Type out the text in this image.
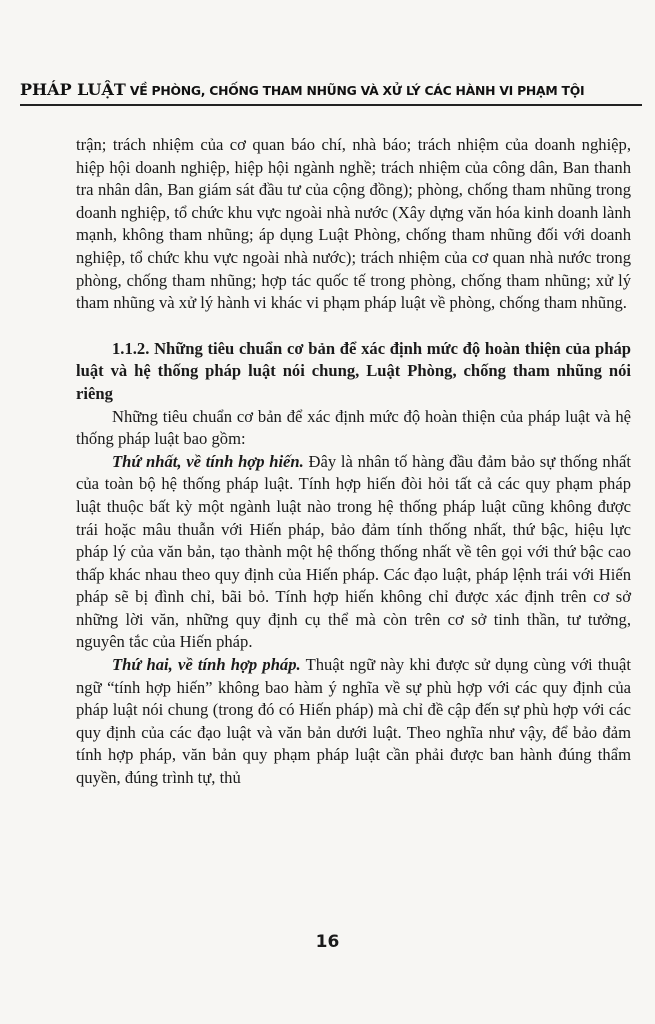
PHÁP LUẬT VỀ PHÒNG, CHỐNG THAM NHŨNG VÀ XỬ LÝ CÁC HÀNH VI PHẠM TỘI

trận; trách nhiệm của cơ quan báo chí, nhà báo; trách nhiệm của doanh nghiệp, hiệp hội doanh nghiệp, hiệp hội ngành nghề; trách nhiệm của công dân, Ban thanh tra nhân dân, Ban giám sát đầu tư của cộng đồng); phòng, chống tham nhũng trong doanh nghiệp, tổ chức khu vực ngoài nhà nước (Xây dựng văn hóa kinh doanh lành mạnh, không tham nhũng; áp dụng Luật Phòng, chống tham nhũng đối với doanh nghiệp, tổ chức khu vực ngoài nhà nước); trách nhiệm của cơ quan nhà nước trong phòng, chống tham nhũng; hợp tác quốc tế trong phòng, chống tham nhũng; xử lý tham nhũng và xử lý hành vi khác vi phạm pháp luật về phòng, chống tham nhũng.

1.1.2. Những tiêu chuẩn cơ bản để xác định mức độ hoàn thiện của pháp luật và hệ thống pháp luật nói chung, Luật Phòng, chống tham nhũng nói riêng

Những tiêu chuẩn cơ bản để xác định mức độ hoàn thiện của pháp luật và hệ thống pháp luật bao gồm:

Thứ nhất, về tính hợp hiến. Đây là nhân tố hàng đầu đảm bảo sự thống nhất của toàn bộ hệ thống pháp luật. Tính hợp hiến đòi hỏi tất cả các quy phạm pháp luật thuộc bất kỳ một ngành luật nào trong hệ thống pháp luật cũng không được trái hoặc mâu thuẫn với Hiến pháp, bảo đảm tính thống nhất, thứ bậc, hiệu lực pháp lý của văn bản, tạo thành một hệ thống thống nhất về tên gọi với thứ bậc cao thấp khác nhau theo quy định của Hiến pháp. Các đạo luật, pháp lệnh trái với Hiến pháp sẽ bị đình chỉ, bãi bỏ. Tính hợp hiến không chỉ được xác định trên cơ sở những lời văn, những quy định cụ thể mà còn trên cơ sở tinh thần, tư tưởng, nguyên tắc của Hiến pháp.

Thứ hai, về tính hợp pháp. Thuật ngữ này khi được sử dụng cùng với thuật ngữ “tính hợp hiến” không bao hàm ý nghĩa về sự phù hợp với các quy định của pháp luật nói chung (trong đó có Hiến pháp) mà chỉ đề cập đến sự phù hợp với các quy định của các đạo luật và văn bản dưới luật. Theo nghĩa như vậy, để bảo đảm tính hợp pháp, văn bản quy phạm pháp luật cần phải được ban hành đúng thẩm quyền, đúng trình tự, thủ

16
